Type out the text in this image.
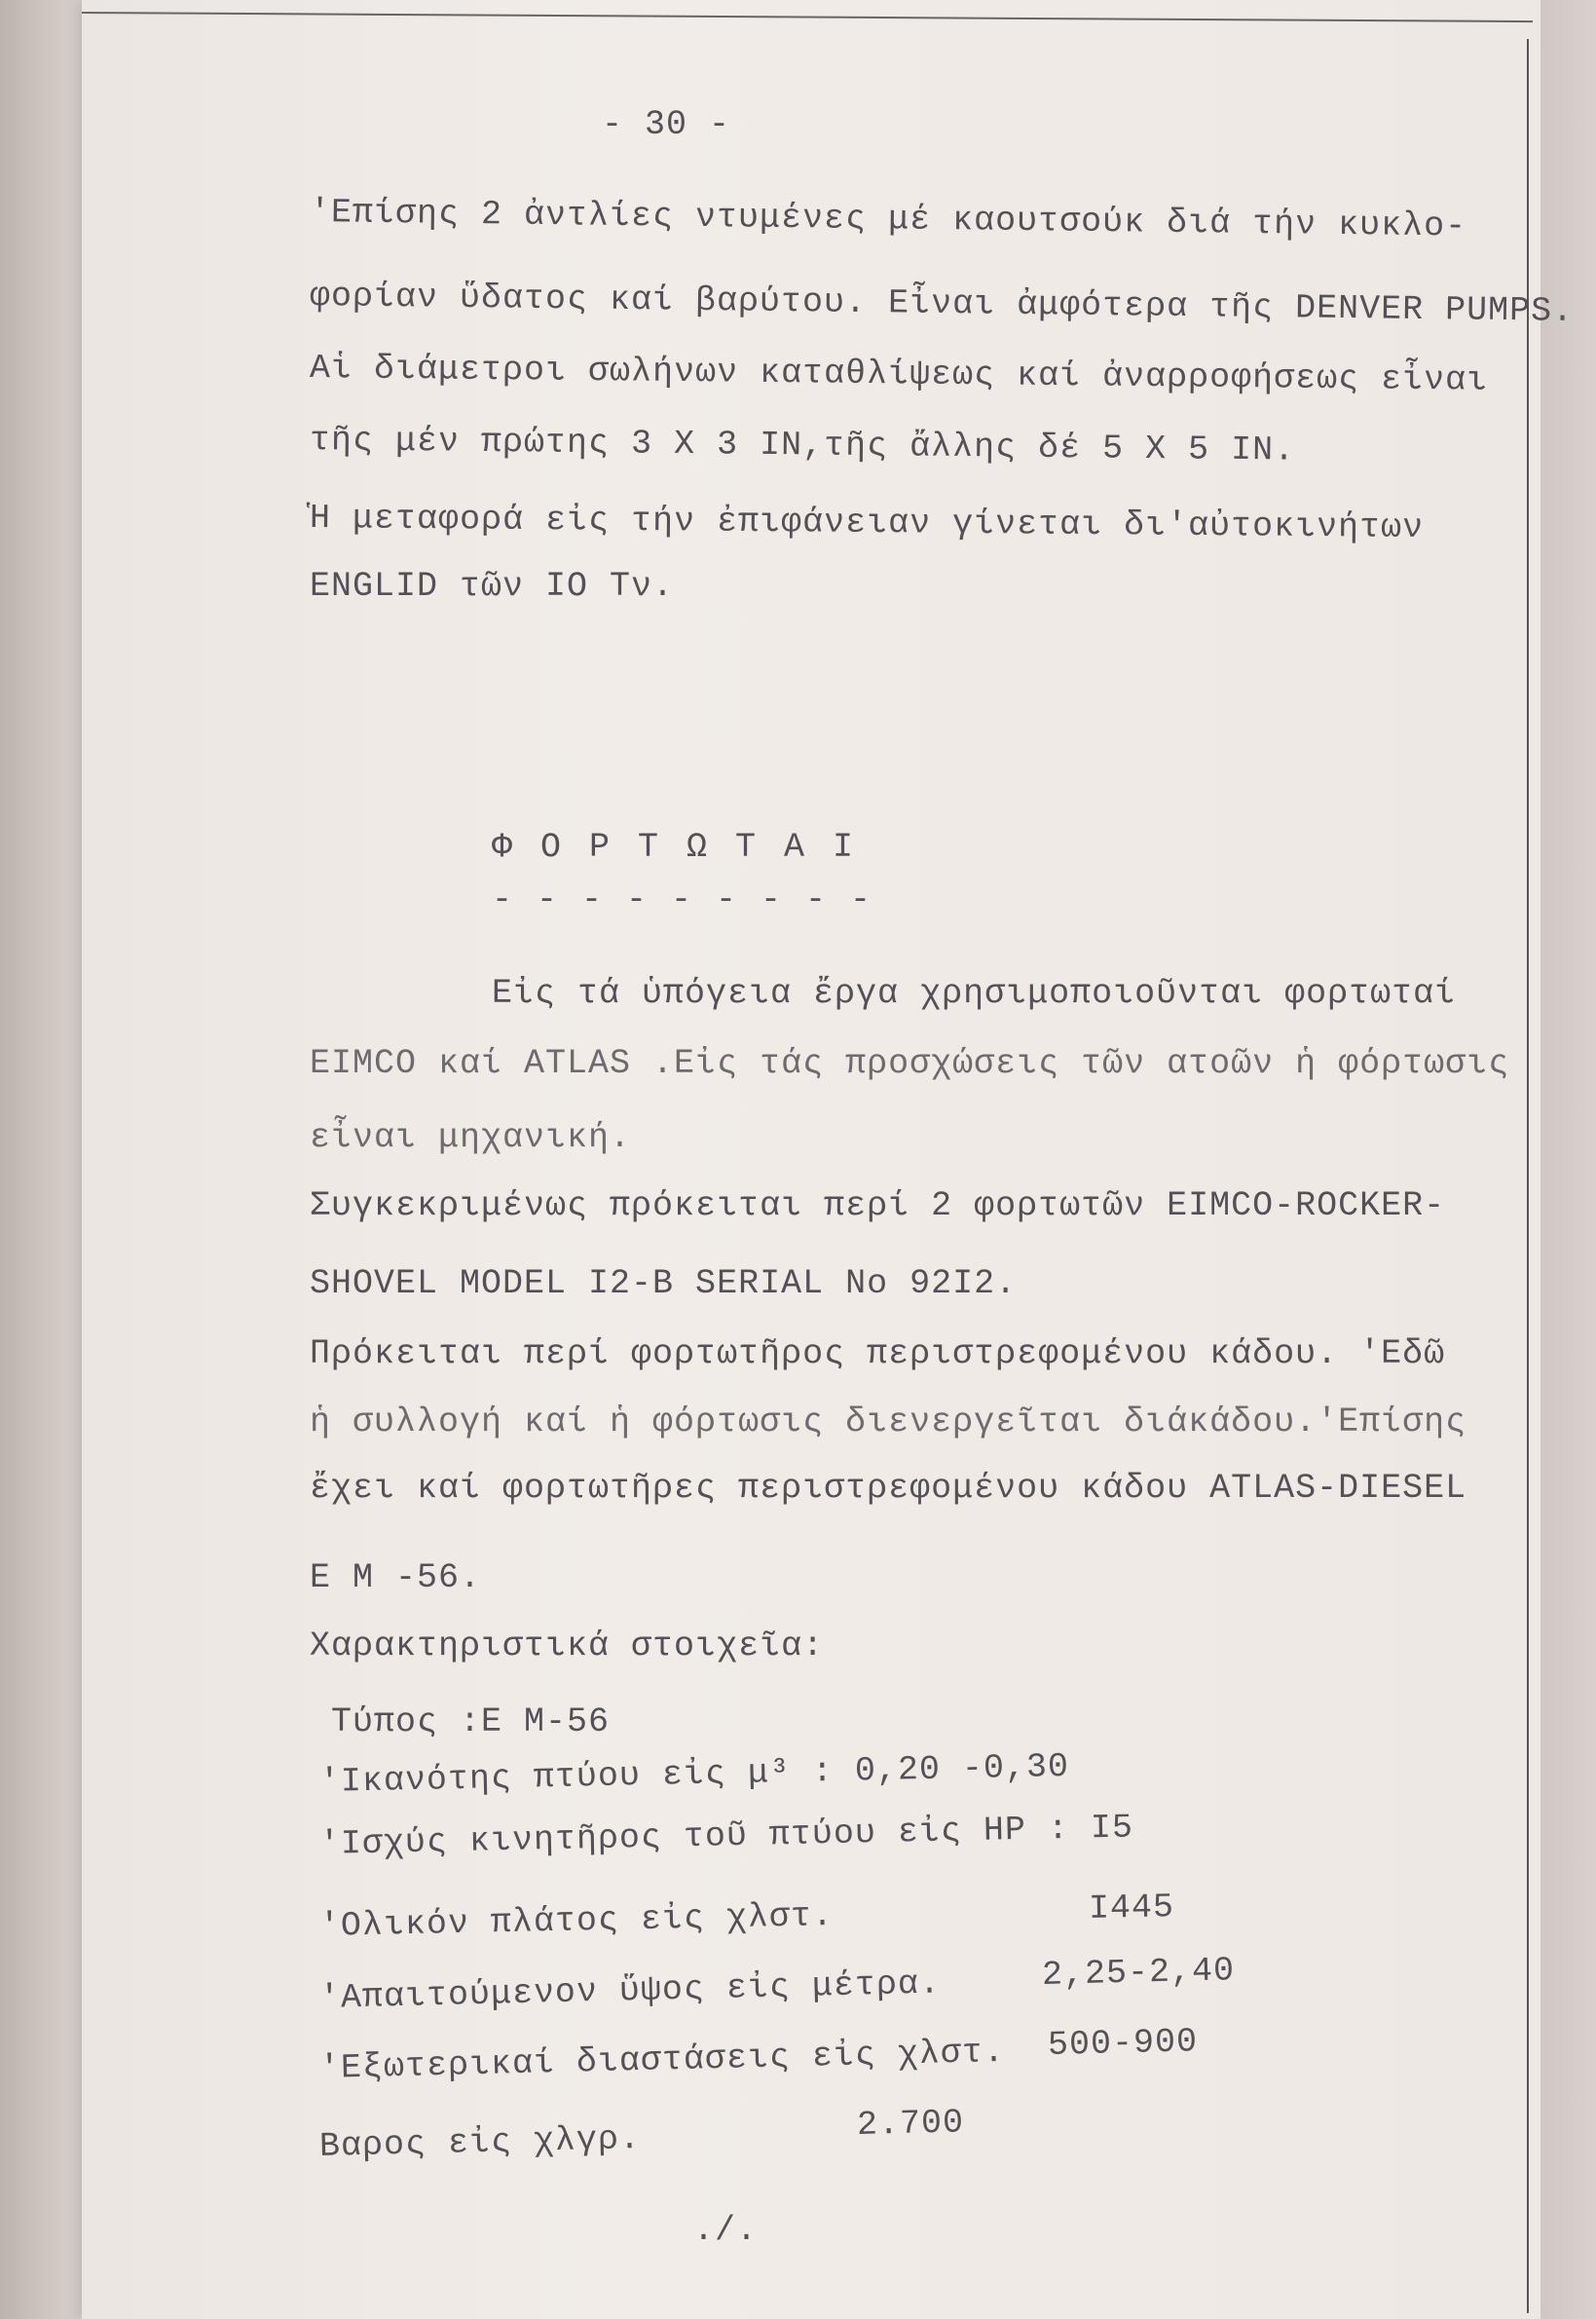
- 30 -
'Επίσης 2 ἀντλίες ντυμένες μέ καουτσούκ διά τήν κυκλο-
φορίαν ὕδατος καί βαρύτου. Εἶναι ἀμφότερα τῆς DENVER PUMPS.
Αἱ διάμετροι σωλήνων καταθλίψεως καί ἀναρροφήσεως εἶναι
τῆς μέν πρώτης 3 Χ 3 ΙΝ,τῆς ἄλλης δέ 5 Χ 5 ΙΝ.
Ἡ μεταφορά εἰς τήν ἐπιφάνειαν γίνεται δι'αὐτοκινήτων
ENGLID τῶν ΙΟ Τν.
Φ Ο Ρ Τ Ω Τ Α Ι
- - - - - - - - -
Εἰς τά ὑπόγεια ἔργα χρησιμοποιοῦνται φορτωταί
EIMCO καί ATLAS .Εἰς τάς προσχώσεις τῶν ατοῶν ἡ φόρτωσις
εἶναι μηχανική.
Συγκεκριμένως πρόκειται περί 2 φορτωτῶν EIMCO-ROCKER-
SHOVEL MODEL I2-B SERIAL No 92I2.
Πρόκειται περί φορτωτῆρος περιστρεφομένου κάδου. 'Εδῶ
ἡ συλλογή καί ἡ φόρτωσις διενεργεῖται διάκάδου.'Επίσης
ἔχει καί φορτωτῆρες περιστρεφομένου κάδου ATLAS-DIESEL
E M -56.
Χαρακτηριστικά στοιχεῖα:
Τύπος :Ε Μ-56
'Ικανότης πτύου εἰς μ³ : 0,20 -0,30
'Ισχύς κινητῆρος τοῦ πτύου εἰς HP : I5
'Ολικόν πλάτος εἰς χλστ.	I445
'Απαιτούμενον ὕψος εἰς μέτρα.	2,25-2,40
'Εξωτερικαί διαστάσεις εἰς χλστ. 500-900
Βαρος εἰς χλγρ.	2.700
./.
